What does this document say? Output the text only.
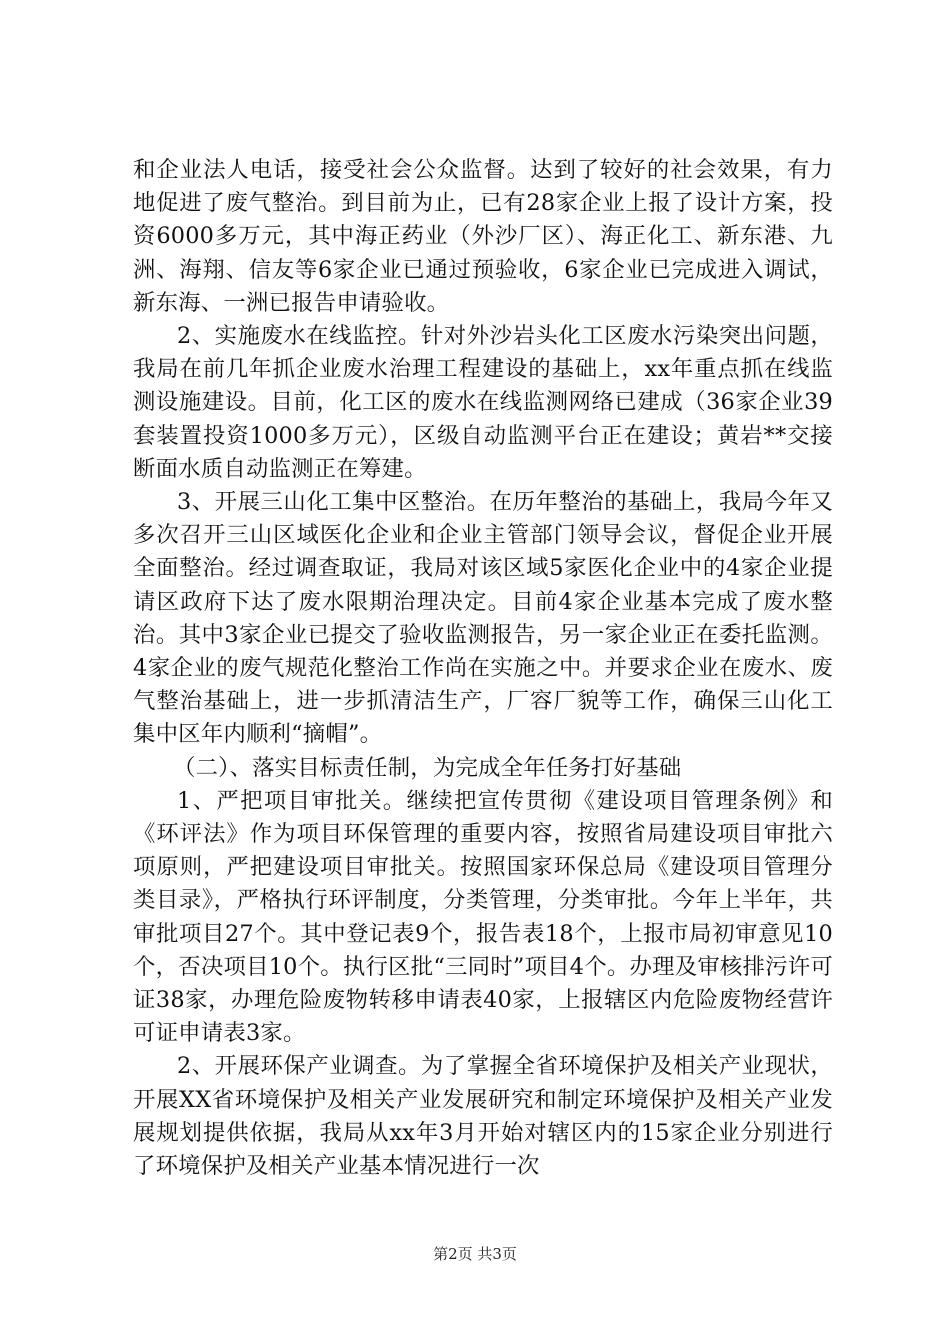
和企业法人电话，接受社会公众监督。达到了较好的社会效果，有力地促进了废气整治。到目前为止，已有28家企业上报了设计方案，投资6000多万元，其中海正药业（外沙厂区）、海正化工、新东港、九洲、海翔、信友等6家企业已通过预验收，6家企业已完成进入调试，新东海、一洲已报告申请验收。

2、实施废水在线监控。针对外沙岩头化工区废水污染突出问题，我局在前几年抓企业废水治理工程建设的基础上，xx年重点抓在线监测设施建设。目前，化工区的废水在线监测网络已建成（36家企业39套装置投资1000多万元），区级自动监测平台正在建设；黄岩**交接断面水质自动监测正在筹建。

3、开展三山化工集中区整治。在历年整治的基础上，我局今年又多次召开三山区域医化企业和企业主管部门领导会议，督促企业开展全面整治。经过调查取证，我局对该区域5家医化企业中的4家企业提请区政府下达了废水限期治理决定。目前4家企业基本完成了废水整治。其中3家企业已提交了验收监测报告，另一家企业正在委托监测。4家企业的废气规范化整治工作尚在实施之中。并要求企业在废水、废气整治基础上，进一步抓清洁生产，厂容厂貌等工作，确保三山化工集中区年内顺利“摘帽”。

（二）、落实目标责任制，为完成全年任务打好基础

1、严把项目审批关。继续把宣传贯彻《建设项目管理条例》和《环评法》作为项目环保管理的重要内容，按照省局建设项目审批六项原则，严把建设项目审批关。按照国家环保总局《建设项目管理分类目录》，严格执行环评制度，分类管理，分类审批。今年上半年，共审批项目27个。其中登记表9个，报告表18个，上报市局初审意见10个，否决项目10个。执行区批“三同时”项目4个。办理及审核排污许可证38家，办理危险废物转移申请表40家，上报辖区内危险废物经营许可证申请表3家。

2、开展环保产业调查。为了掌握全省环境保护及相关产业现状，开展XX省环境保护及相关产业发展研究和制定环境保护及相关产业发展规划提供依据，我局从xx年3月开始对辖区内的15家企业分别进行了环境保护及相关产业基本情况进行一次

第2页 共3页
